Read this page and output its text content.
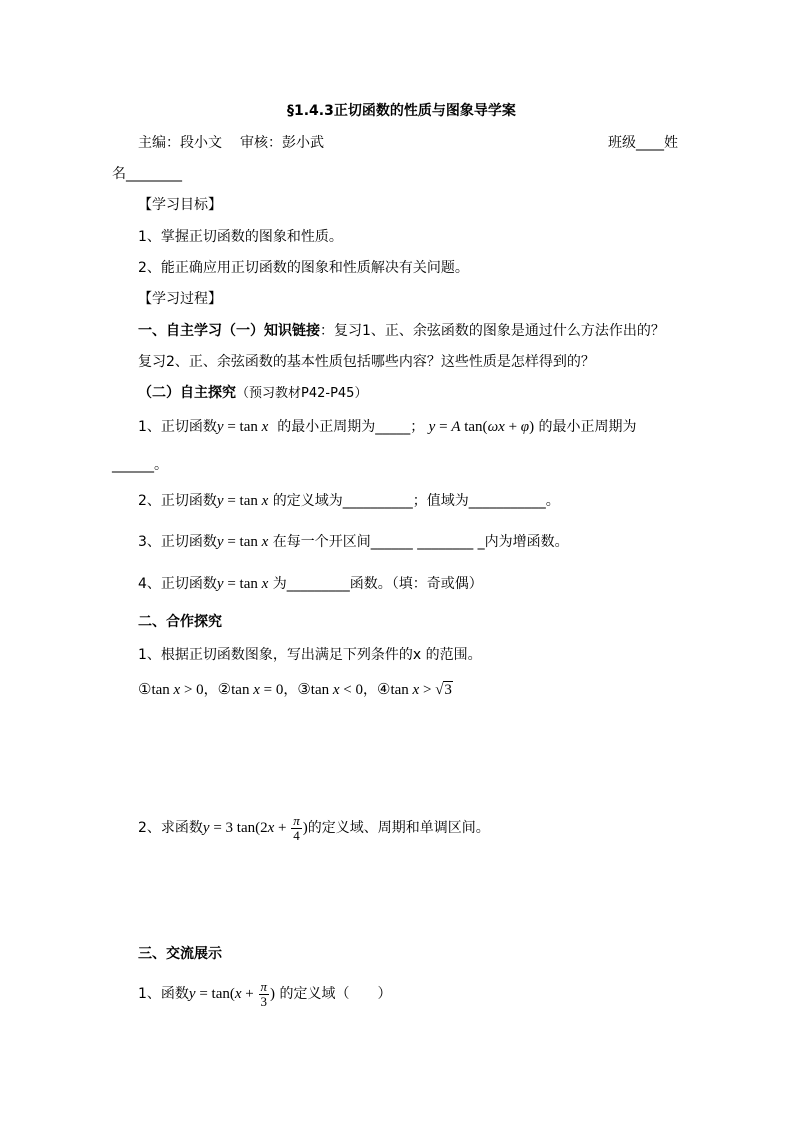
§1.4.3正切函数的性质与图象导学案
主编：段小文 审核：彭小武	班级____姓
名________
【学习目标】
1、掌握正切函数的图象和性质。
2、能正确应用正切函数的图象和性质解决有关问题。
【学习过程】
一、自主学习（一）知识链接：复习1、正、余弦函数的图象是通过什么方法作出的？
复习2、正、余弦函数的基本性质包括哪些内容？这些性质是怎样得到的？
（二）自主探究（预习教材P42-P45）
1、正切函数y = tan x 的最小正周期为_____； y = A tan(ωx + φ) 的最小正周期为
______。
2、正切函数y = tan x 的定义域为__________；值域为___________。
3、正切函数y = tan x 在每一个开区间______ ________ _内为增函数。
4、正切函数y = tan x 为_________函数。（填：奇或偶）
二、合作探究
1、根据正切函数图象，写出满足下列条件的x 的范围。
①tan x > 0，②tan x = 0，③tan x < 0，④tan x > √3
2、求函数y = 3 $\tan(2x + \frac{\pi}{4}$ )的定义域、周期和单调区间。
三、交流展示
1、函数$y = \tan(x + \frac{\pi}{3}$ ) 的定义域（　　）
